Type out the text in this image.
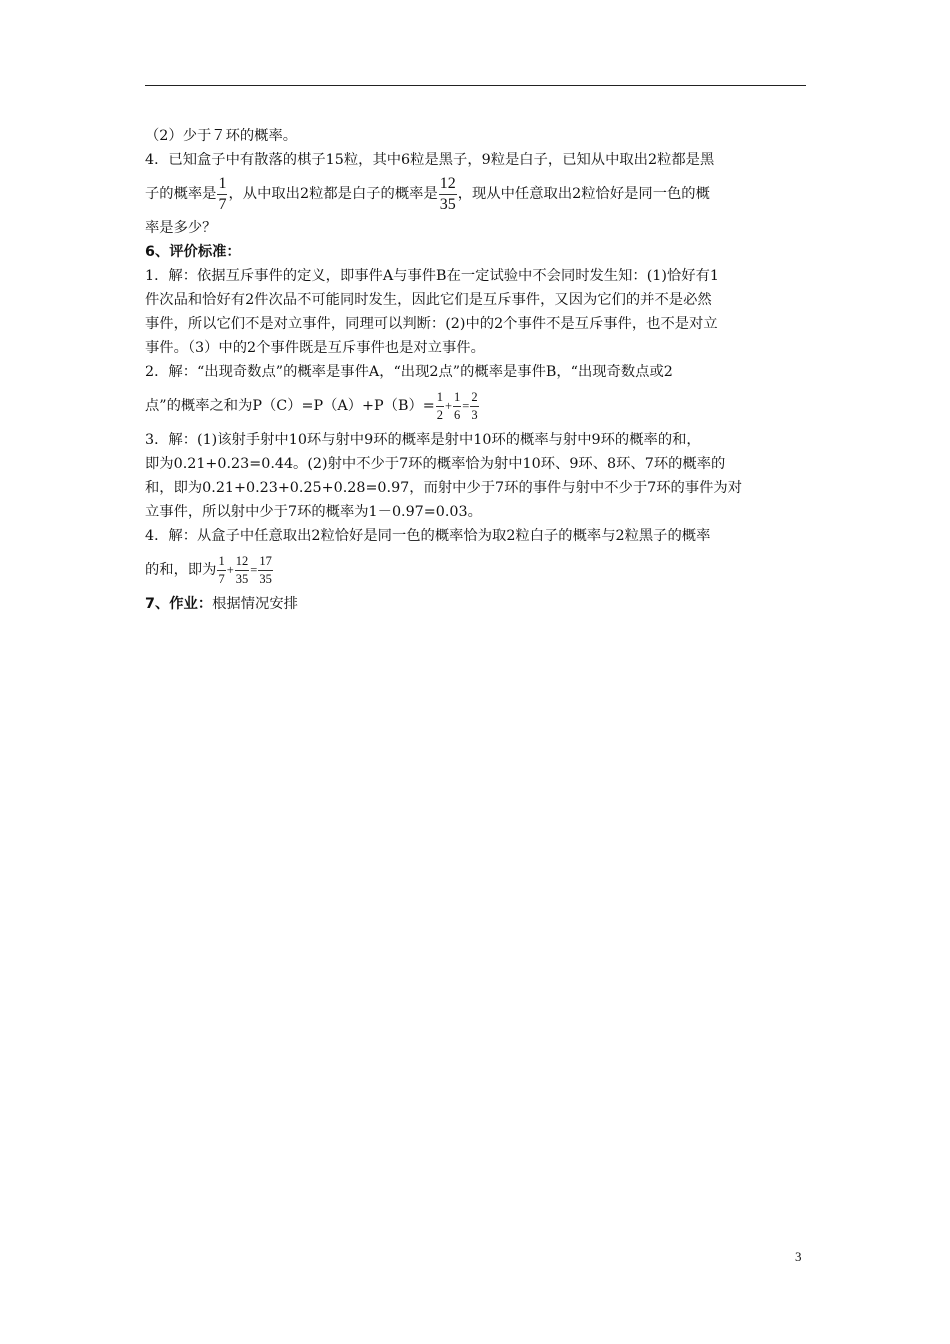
（2）少于７环的概率。
4．已知盒子中有散落的棋子15粒，其中6粒是黑子，9粒是白子，已知从中取出2粒都是黑
子的概率是 $\frac{1}{7}$ ，从中取出2粒都是白子的概率是 $\frac{12}{35}$ ，现从中任意取出2粒恰好是同一色的概
率是多少？
6、评价标准：
1．解：依据互斥事件的定义，即事件A与事件B在一定试验中不会同时发生知：(1)恰好有1
件次品和恰好有2件次品不可能同时发生，因此它们是互斥事件，又因为它们的并不是必然
事件，所以它们不是对立事件，同理可以判断：(2)中的2个事件不是互斥事件，也不是对立
事件。（3）中的2个事件既是互斥事件也是对立事件。
2．解：“出现奇数点”的概率是事件A，“出现2点”的概率是事件B，“出现奇数点或2
点”的概率之和为$P(C)=P(A)+P(B)= \frac{1}{2} + \frac{1}{6} = \frac{2}{3}$
3．解：(1)该射手射中10环与射中9环的概率是射中10环的概率与射中9环的概率的和，
即为0.21+0.23=0.44。(2)射中不少于7环的概率恰为射中10环、9环、8环、7环的概率的
和，即为0.21+0.23+0.25+0.28=0.97，而射中少于7环的事件与射中不少于7环的事件为对
立事件，所以射中少于7环的概率为1－0.97=0.03。
4．解：从盒子中任意取出2粒恰好是同一色的概率恰为取2粒白子的概率与2粒黑子的概率
的和，即为 $\frac{1}{7} + \frac{12}{35} = \frac{17}{35}$
7、作业：根据情况安排
3
